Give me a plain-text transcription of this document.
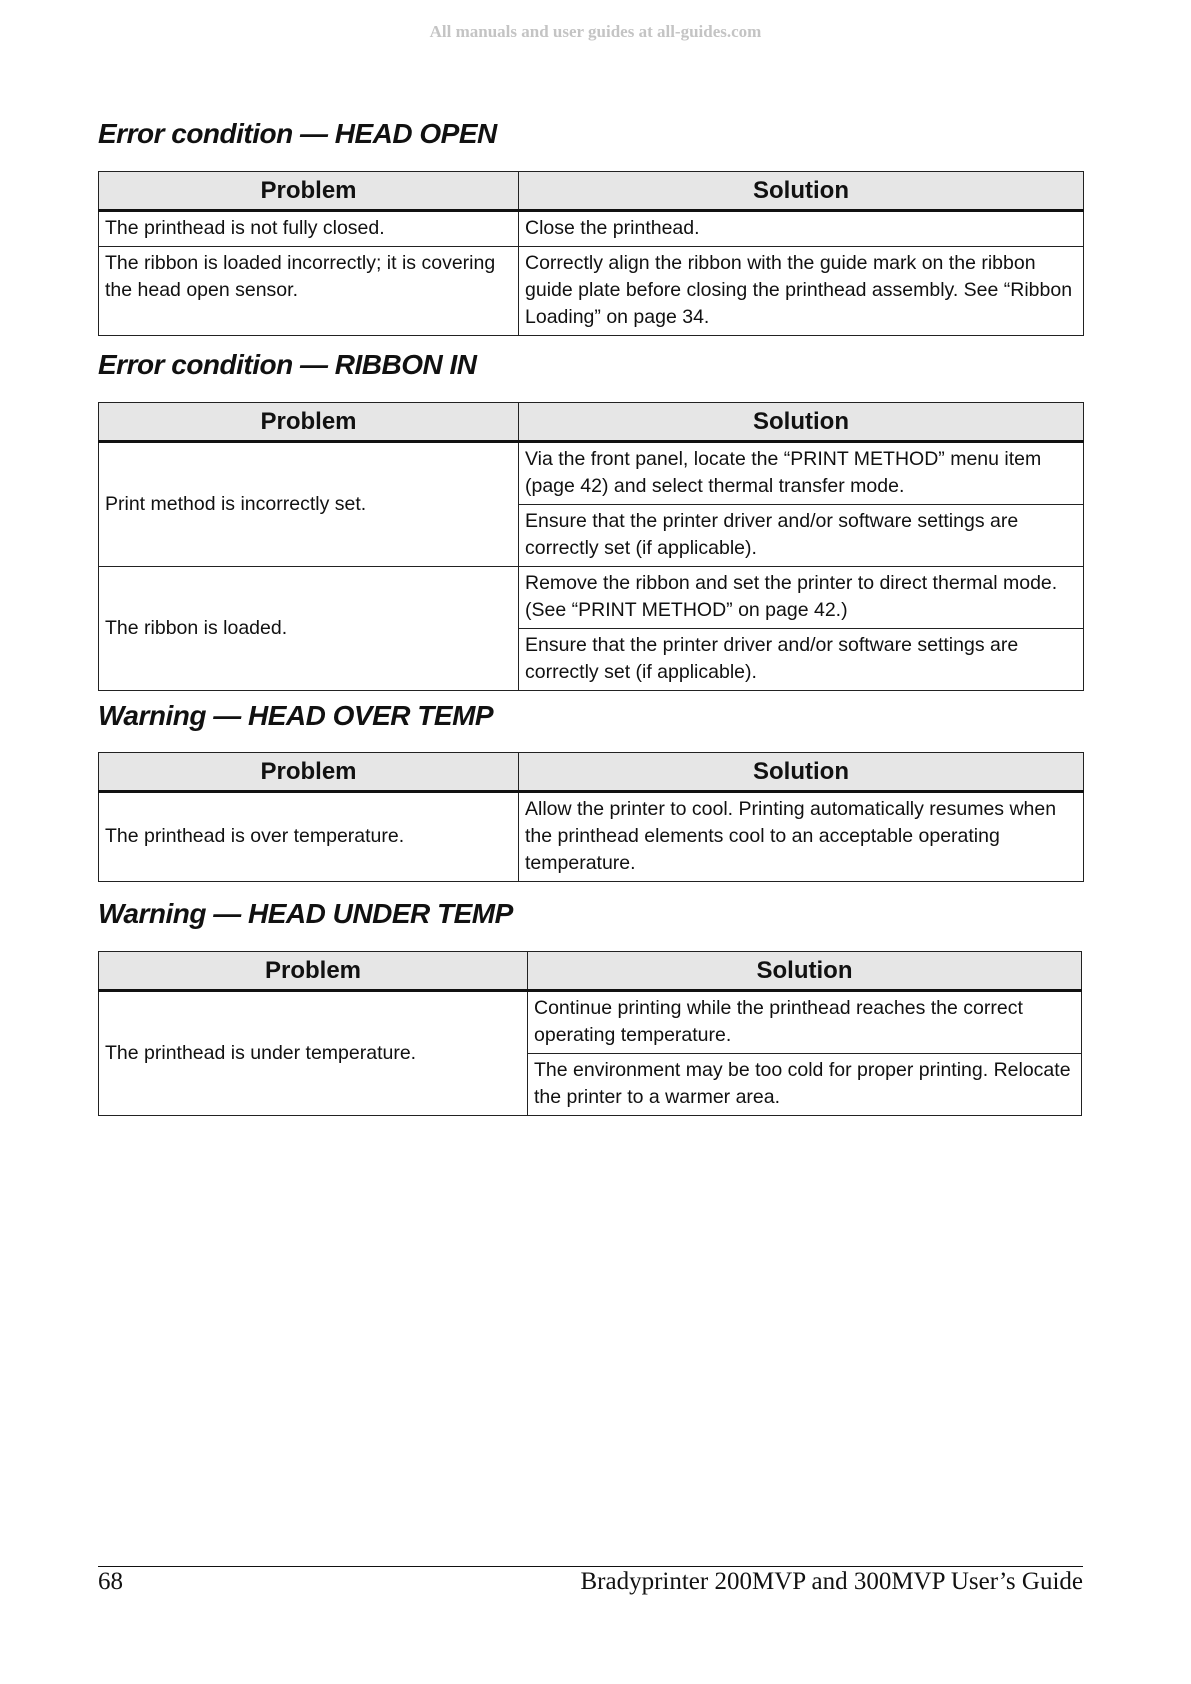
All manuals and user guides at all-guides.com
Error condition — HEAD OPEN
Problem	Solution
The printhead is not fully closed.	Close the printhead.
The ribbon is loaded incorrectly; it is covering the head open sensor.	Correctly align the ribbon with the guide mark on the ribbon guide plate before closing the printhead assembly. See “Ribbon Loading” on page 34.
Error condition — RIBBON IN
Problem	Solution
Print method is incorrectly set.	Via the front panel, locate the “PRINT METHOD” menu item (page 42) and select thermal transfer mode.
	Ensure that the printer driver and/or software settings are correctly set (if applicable).
The ribbon is loaded.	Remove the ribbon and set the printer to direct thermal mode. (See “PRINT METHOD” on page 42.)
	Ensure that the printer driver and/or software settings are correctly set (if applicable).
Warning — HEAD OVER TEMP
Problem	Solution
The printhead is over temperature.	Allow the printer to cool. Printing automatically resumes when the printhead elements cool to an acceptable operating temperature.
Warning — HEAD UNDER TEMP
Problem	Solution
The printhead is under temperature.	Continue printing while the printhead reaches the correct operating temperature.
	The environment may be too cold for proper printing. Relocate the printer to a warmer area.
68	Bradyprinter 200MVP and 300MVP User’s Guide
